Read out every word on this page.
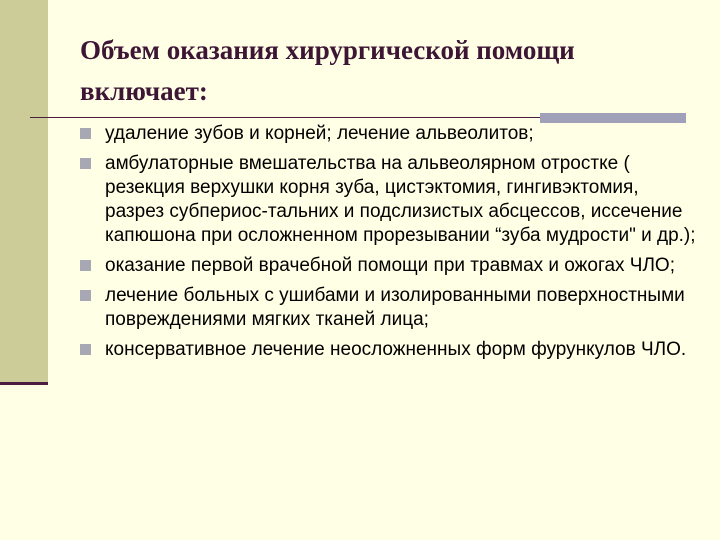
Объем оказания хирургической помощи включает:
удаление зубов и корней; лечение альвеолитов;
амбулаторные вмешательства на альвеолярном отростке ( резекция верхушки корня зуба, цистэктомия, гингивэктомия, разрез субпериос-тальних и подслизистых абсцессов, иссечение капюшона при осложненном прорезывании “зуба мудрости" и др.);
оказание первой врачебной помощи при травмах и ожогах ЧЛО;
лечение больных с ушибами и изолированными поверхностными повреждениями мягких тканей лица;
консервативное лечение неосложненных форм фурункулов ЧЛО.
